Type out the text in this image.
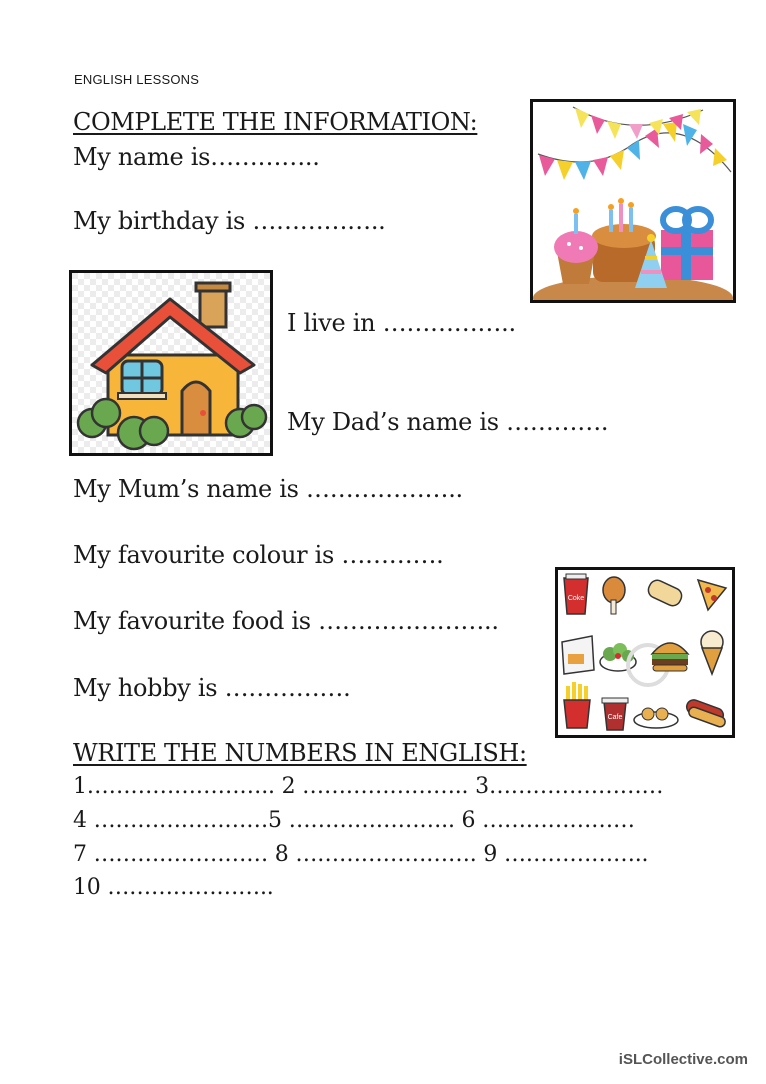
ENGLISH LESSONS
COMPLETE THE INFORMATION:
My name is…………..
My birthday is ……………..
I live in ……………..
My Dad’s name is ………….
My Mum’s name is ………………..
My favourite colour is ………….
My favourite food is …………………..
My hobby is …………….
Coke
Cafe
WRITE THE NUMBERS IN ENGLISH:
1…………………….. 2 ………………….. 3……………………
4 ……………………5 ………………….. 6 …………………
7 …………………… 8 ……………………. 9 ………………..
10 …………………..
iSLCollective.com
